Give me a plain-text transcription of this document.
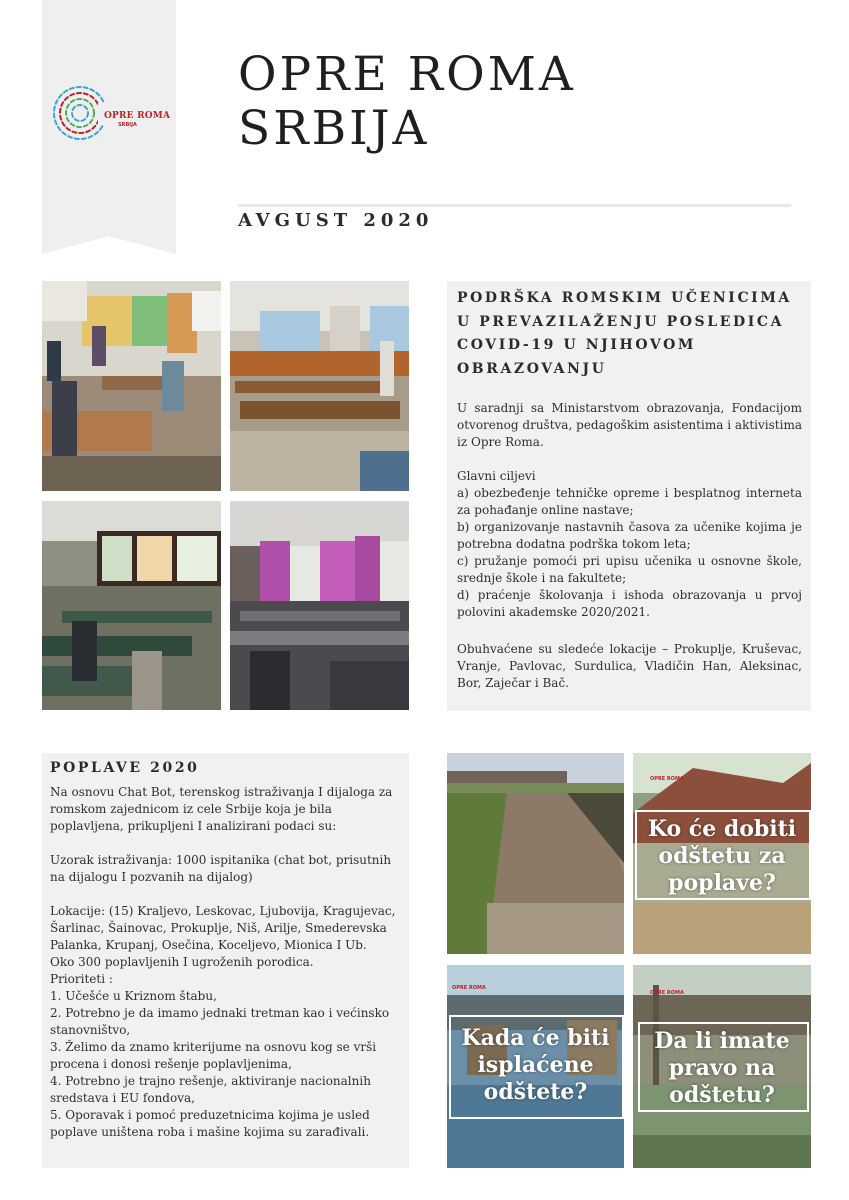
OPRE ROMA
SRBIJA
OPRE ROMA
SRBIJA
AVGUST 2020
PODRŠKA ROMSKIM UČENICIMA
U PREVAZILAŽENJU POSLEDICA
COVID-19 U NJIHOVOM
OBRAZOVANJU
U saradnji sa Ministarstvom obrazovanja, Fondacijom otvorenog društva, pedagoškim asistentima i aktivistima iz Opre Roma.
Glavni ciljevi
a) obezbeđenje tehničke opreme i besplatnog interneta za pohađanje online nastave;
b) organizovanje nastavnih časova za učenike kojima je potrebna dodatna podrška tokom leta;
c) pružanje pomoći pri upisu učenika u osnovne škole, srednje škole i na fakultete;
d) praćenje školovanja i ishoda obrazovanja u prvoj polovini akademske 2020/2021.
Obuhvaćene su sledeće lokacije – Prokuplje, Kruševac, Vranje, Pavlovac, Surdulica, Vladičin Han, Aleksinac, Bor, Zaječar i Bač.
POPLAVE 2020

Na osnovu Chat Bot, terenskog istraživanja I dijaloga za romskom zajednicom iz cele Srbije koja je bila poplavljena, prikupljeni I analizirani podaci su:

Uzorak istraživanja: 1000 ispitanika (chat bot, prisutnih na dijalogu I pozvanih na dijalog)

Lokacije: (15) Kraljevo, Leskovac, Ljubovija, Kragujevac, Šarlinac, Šainovac, Prokuplje, Niš, Arilje, Smederevska Palanka, Krupanj, Osečina, Koceljevo, Mionica I Ub.

Oko 300 poplavljenih I ugroženih porodica.

Prioriteti :

1. Učešće u Kriznom štabu,

2. Potrebno je da imamo jednaki tretman kao i većinsko stanovništvo,

3. Želimo da znamo kriterijume na osnovu kog se vrši procena i donosi rešenje poplavljenima,

4. Potrebno je trajno rešenje, aktiviranje nacionalnih sredstava i EU fondova,

5. Oporavak i pomoć preduzetnicima kojima je usled poplave uništena roba i mašine kojima su zarađivali.

OPRE ROMA
Ko će dobiti
odštetu za
poplave?
OPRE ROMA
Kada će biti
isplaćene
odštete?
OPRE ROMA
Da li imate
pravo na
odštetu?
